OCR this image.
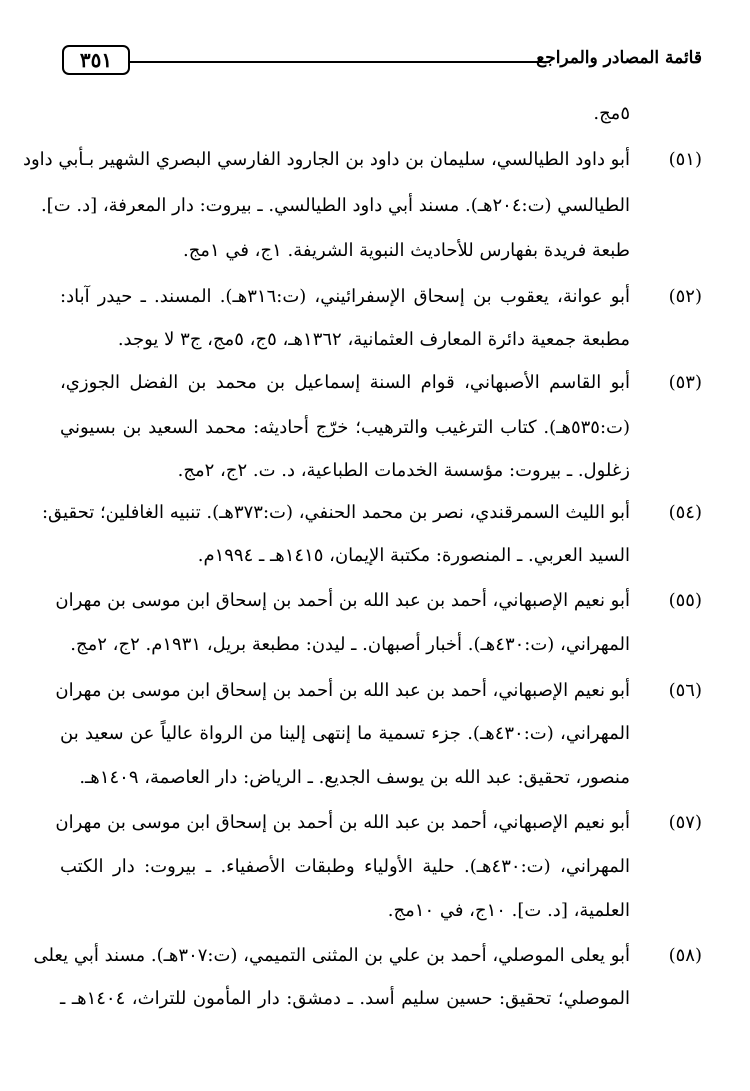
قائمة المصادر والمراجع
٣٥١
٥مج.
(٥١)
أبو داود الطيالسي، سليمان بن داود بن الجارود الفارسي البصري الشهير بـأبي داود
الطيالسي (ت:٢٠٤هـ). مسند أبي داود الطيالسي. ـ بيروت: دار المعرفة، [د. ت].
طبعة فريدة بفهارس للأحاديث النبوية الشريفة. ١ج، في ١مج.
(٥٢)
أبو عوانة، يعقوب بن إسحاق الإسفرائيني، (ت:٣١٦هـ). المسند. ـ حيدر آباد:
مطبعة جمعية دائرة المعارف العثمانية، ١٣٦٢هـ، ٥ج، ٥مج، ج٣ لا يوجد.
(٥٣)
أبو القاسم الأصبهاني، قوام السنة إسماعيل بن محمد بن الفضل الجوزي،
(ت:٥٣٥هـ). كتاب الترغيب والترهيب؛ خرّج أحاديثه: محمد السعيد بن بسيوني
زغلول. ـ بيروت: مؤسسة الخدمات الطباعية، د. ت. ٢ج، ٢مج.
(٥٤)
أبو الليث السمرقندي، نصر بن محمد الحنفي، (ت:٣٧٣هـ). تنبيه الغافلين؛ تحقيق:
السيد العربي. ـ المنصورة: مكتبة الإيمان، ١٤١٥هـ ـ ١٩٩٤م.
(٥٥)
أبو نعيم الإصبهاني، أحمد بن عبد الله بن أحمد بن إسحاق ابن موسى بن مهران
المهراني، (ت:٤٣٠هـ). أخبار أصبهان. ـ ليدن: مطبعة بريل، ١٩٣١م. ٢ج، ٢مج.
(٥٦)
أبو نعيم الإصبهاني، أحمد بن عبد الله بن أحمد بن إسحاق ابن موسى بن مهران
المهراني، (ت:٤٣٠هـ). جزء تسمية ما إنتهى إلينا من الرواة عالياً عن سعيد بن
منصور، تحقيق: عبد الله بن يوسف الجديع. ـ الرياض: دار العاصمة، ١٤٠٩هـ.
(٥٧)
أبو نعيم الإصبهاني، أحمد بن عبد الله بن أحمد بن إسحاق ابن موسى بن مهران
المهراني، (ت:٤٣٠هـ). حلية الأولياء وطبقات الأصفياء. ـ بيروت: دار الكتب
العلمية، [د. ت]. ١٠ج، في ١٠مج.
(٥٨)
أبو يعلى الموصلي، أحمد بن علي بن المثنى التميمي، (ت:٣٠٧هـ). مسند أبي يعلى
الموصلي؛ تحقيق: حسين سليم أسد. ـ دمشق: دار المأمون للتراث، ١٤٠٤هـ ـ
